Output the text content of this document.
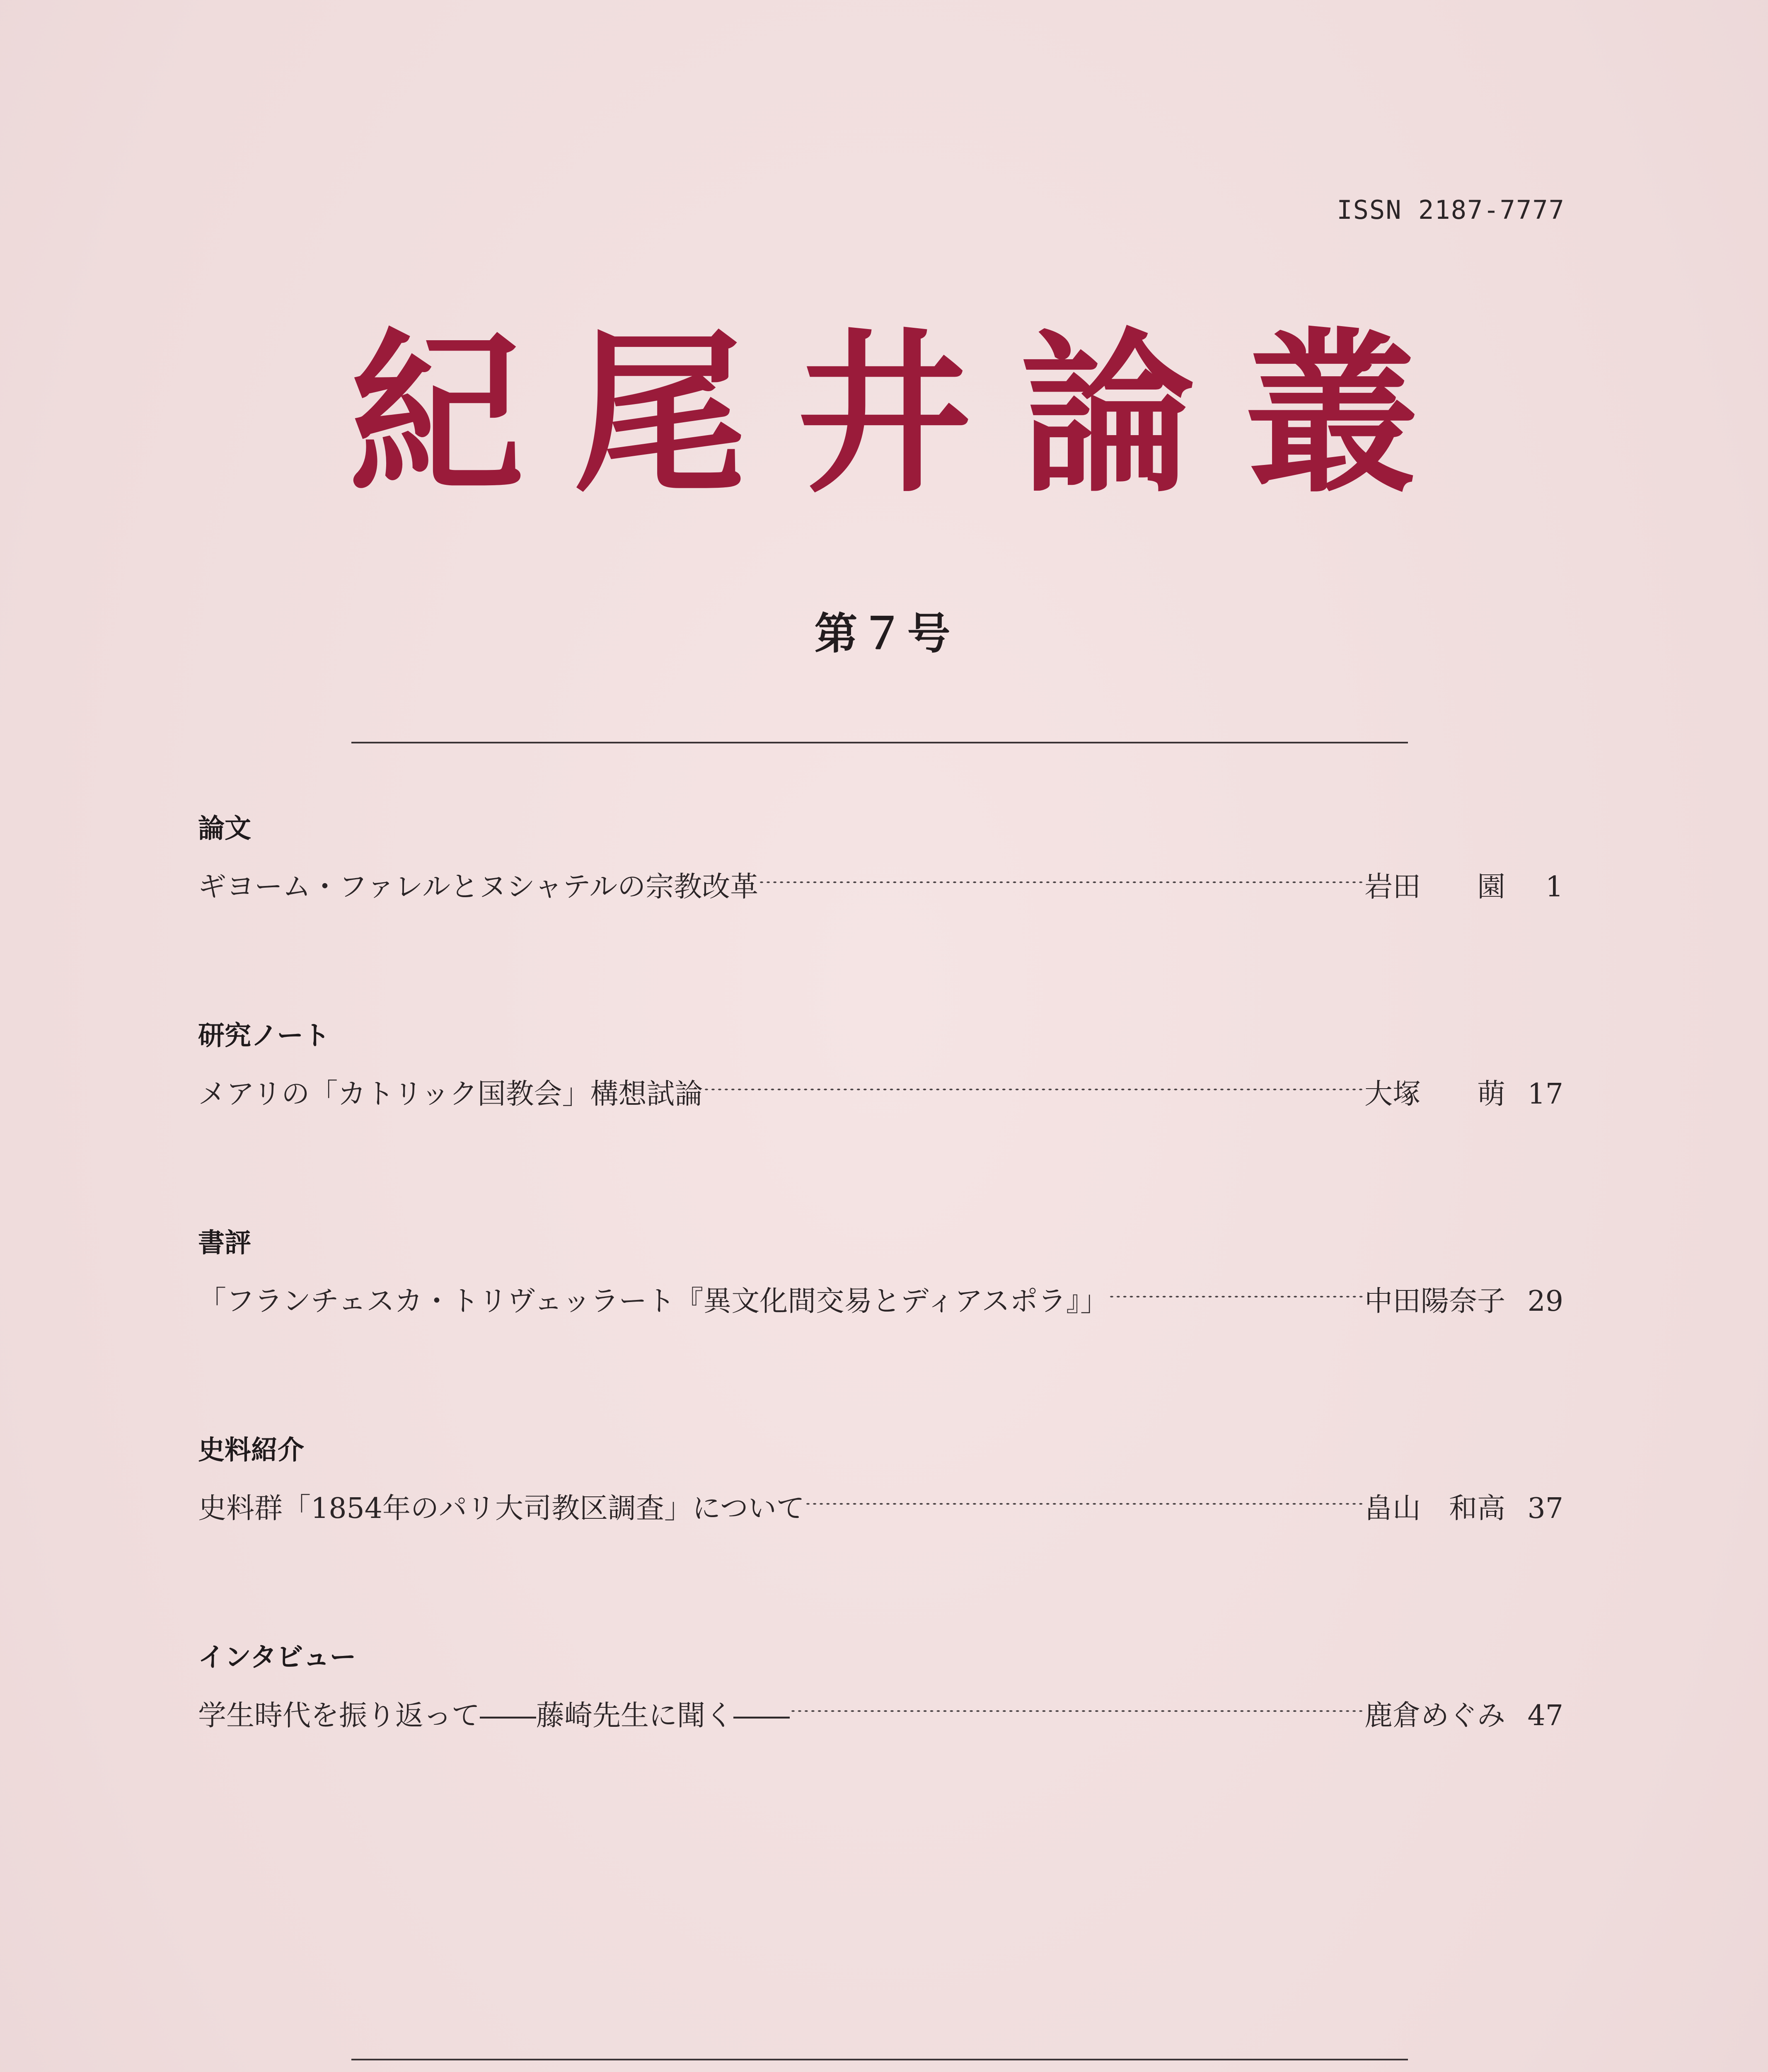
ISSN 2187-7777
紀尾井論叢
第７号
論文
ギヨーム・ファレルとヌシャテルの宗教改革	岩田　　園	1
研究ノート
メアリの「カトリック国教会」構想試論	大塚　　萌 17
書評
「フランチェスカ・トリヴェッラート『異文化間交易とディアスポラ』」	中田陽奈子 29
史料紹介
史料群「1854年のパリ大司教区調査」について	畠山　和高 37
インタビュー
学生時代を振り返って――藤崎先生に聞く――	鹿倉めぐみ 47
